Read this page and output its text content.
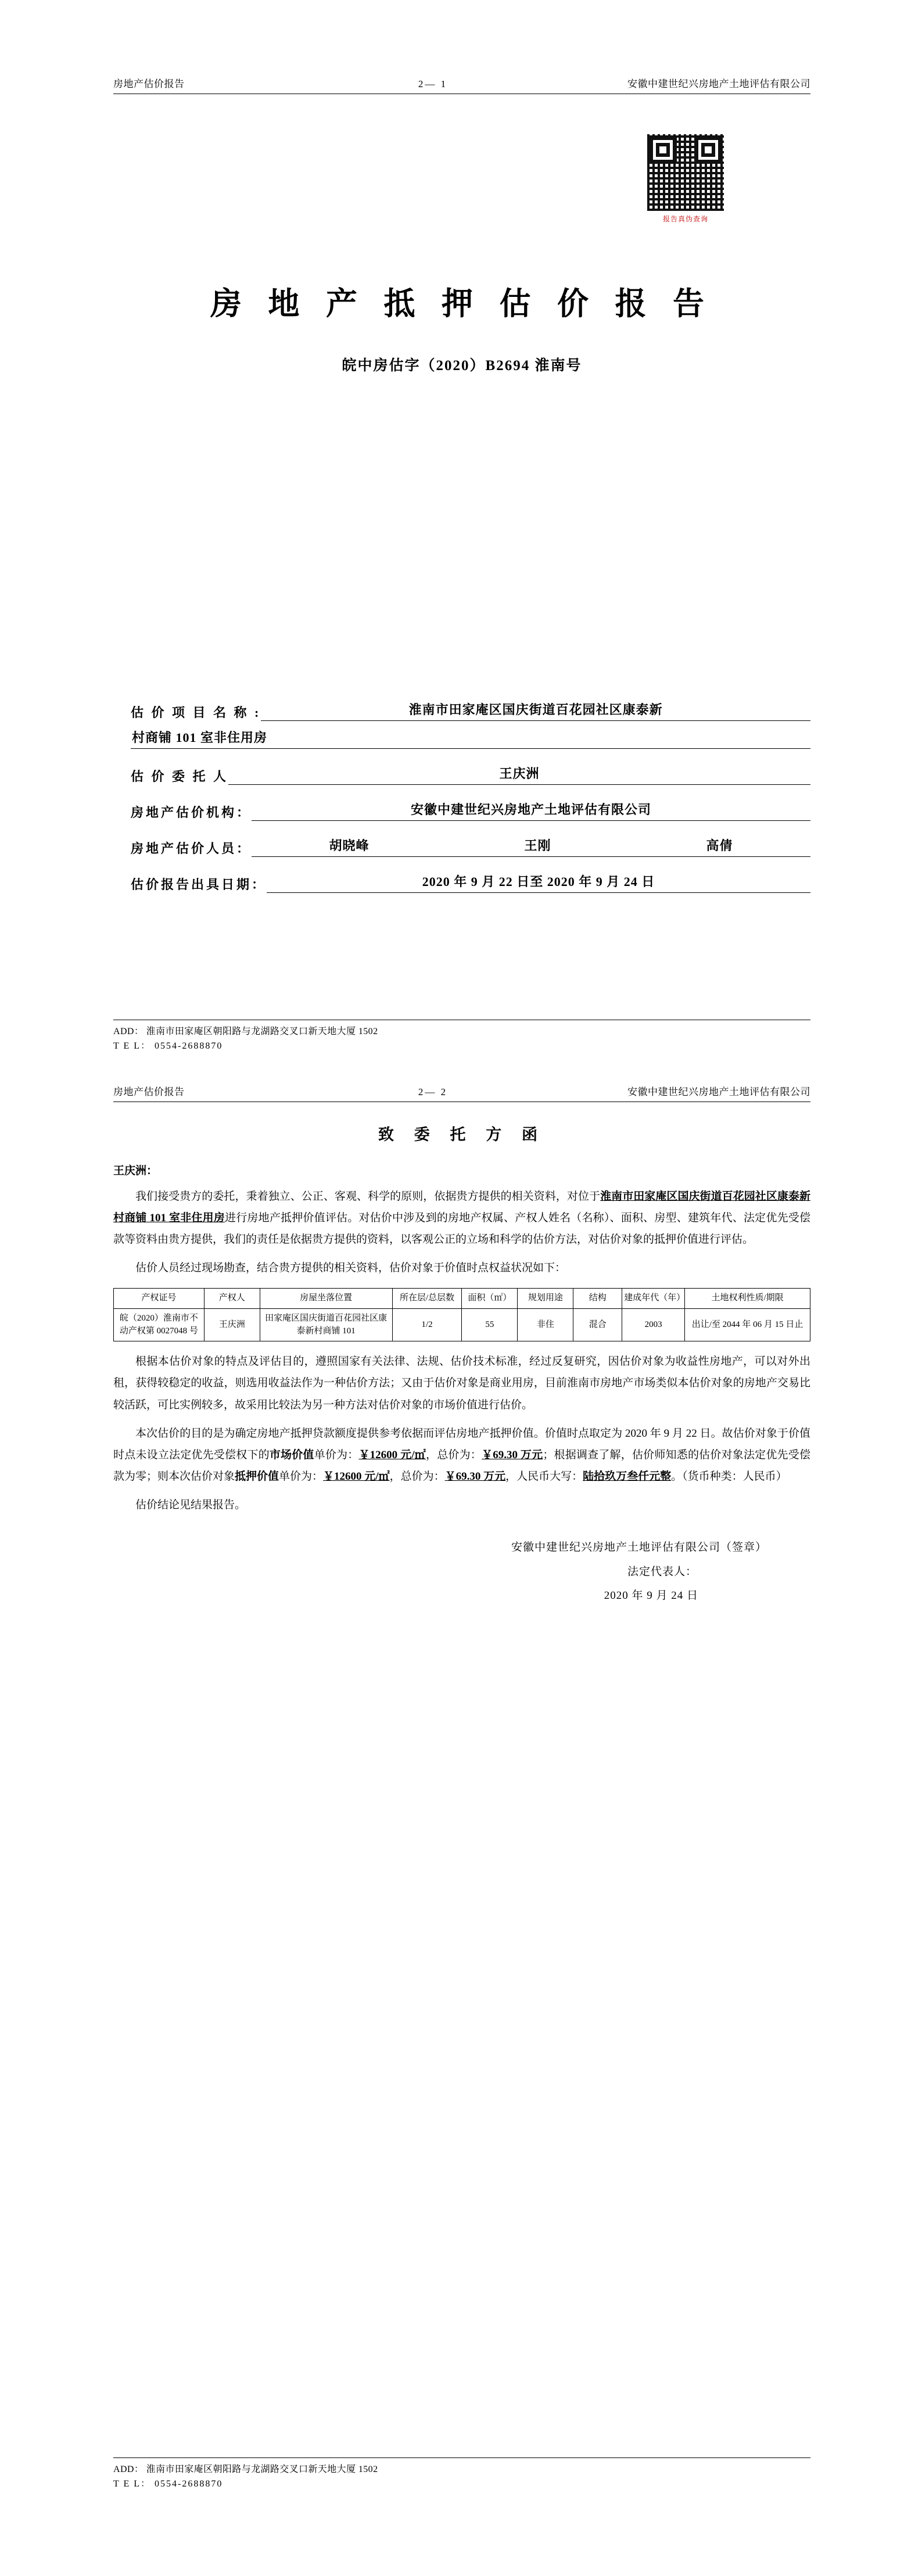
房地产估价报告	2— 1	安徽中建世纪兴房地产土地评估有限公司
报告真伪查询
房 地 产 抵 押 估 价 报 告
皖中房估字（2020）B2694 淮南号
估 价 项 目 名 称 :	淮南市田家庵区国庆街道百花园社区康泰新
村商铺 101 室非住用房
估 价 委 托 人	王庆洲
房地产估价机构：	安徽中建世纪兴房地产土地评估有限公司
房地产估价人员：	胡晓峰	王刚	高倩
估价报告出具日期：	2020 年 9 月 22 日至 2020 年 9 月 24 日
ADD： 淮南市田家庵区朝阳路与龙湖路交叉口新天地大厦 1502
T E L： 0554-2688870
房地产估价报告	2— 2	安徽中建世纪兴房地产土地评估有限公司
致 委 托 方 函
王庆洲：

我们接受贵方的委托，秉着独立、公正、客观、科学的原则，依据贵方提供的相关资料，对位于淮南市田家庵区国庆街道百花园社区康泰新村商铺 101 室非住用房进行房地产抵押价值评估。对估价中涉及到的房地产权属、产权人姓名（名称）、面积、房型、建筑年代、法定优先受偿款等资料由贵方提供，我们的责任是依据贵方提供的资料，以客观公正的立场和科学的估价方法，对估价对象的抵押价值进行评估。

估价人员经过现场勘查，结合贵方提供的相关资料，估价对象于价值时点权益状况如下：

产权证号	产权人	房屋坐落位置	所在层/总层数	面积（㎡）	规划用途	结构	建成年代（年）	土地权利性质/期限
皖（2020）淮南市不动产权第 0027048 号	王庆洲	田家庵区国庆街道百花园社区康泰新村商铺 101	1/2	55	非住	混合	2003	出让/至 2044 年 06 月 15 日止

根据本估价对象的特点及评估目的，遵照国家有关法律、法规、估价技术标准，经过反复研究，因估价对象为收益性房地产，可以对外出租，获得较稳定的收益，则选用收益法作为一种估价方法；又由于估价对象是商业用房，目前淮南市房地产市场类似本估价对象的房地产交易比较活跃，可比实例较多，故采用比较法为另一种方法对估价对象的市场价值进行估价。

本次估价的目的是为确定房地产抵押贷款额度提供参考依据而评估房地产抵押价值。价值时点取定为 2020 年 9 月 22 日。故估价对象于价值时点未设立法定优先受偿权下的市场价值单价为：￥12600 元/㎡，总价为：￥69.30 万元；根据调查了解，估价师知悉的估价对象法定优先受偿款为零；则本次估价对象抵押价值单价为：￥12600 元/㎡，总价为：￥69.30 万元，人民币大写：陆拾玖万叁仟元整。（货币种类：人民币）

估价结论见结果报告。

安徽中建世纪兴房地产土地评估有限公司（签章）
法定代表人：
2020 年 9 月 24 日
ADD： 淮南市田家庵区朝阳路与龙湖路交叉口新天地大厦 1502
T E L： 0554-2688870
